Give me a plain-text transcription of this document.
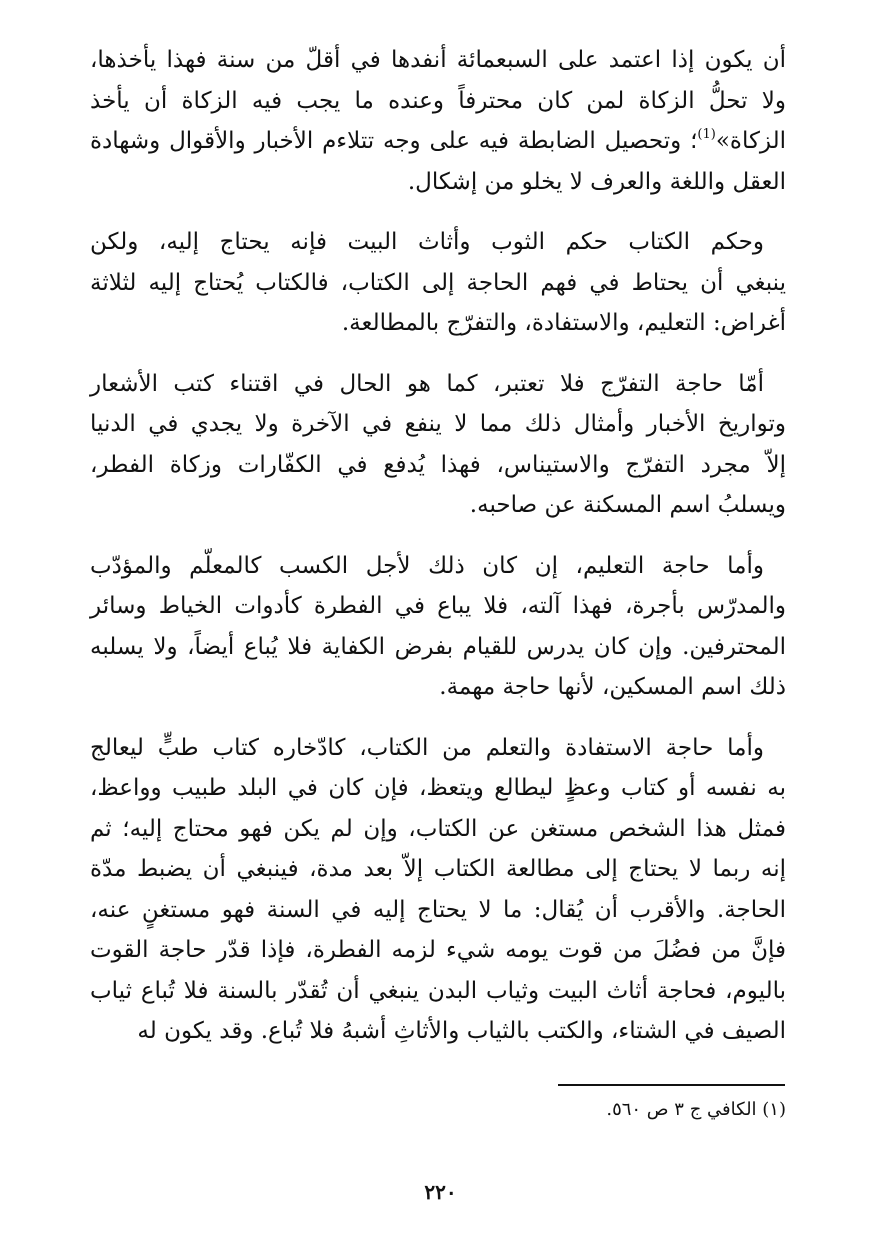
أن يكون إذا اعتمد على السبعمائة أنفدها في أقلّ من سنة فهذا يأخذها،
ولا تحلُّ الزكاة لمن كان محترفاً وعنده ما يجب فيه الزكاة أن يأخذ
الزكاة»$^{(1)}$؛ وتحصيل الضابطة فيه على وجه تتلاءم الأخبار والأقوال وشهادة
العقل واللغة والعرف لا يخلو من إشكال.
وحكم الكتاب حكم الثوب وأثاث البيت فإنه يحتاج إليه، ولكن
ينبغي أن يحتاط في فهم الحاجة إلى الكتاب، فالكتاب يُحتاج إليه لثلاثة
أغراض: التعليم، والاستفادة، والتفرّج بالمطالعة.
أمّا حاجة التفرّج فلا تعتبر، كما هو الحال في اقتناء كتب الأشعار
وتواريخ الأخبار وأمثال ذلك مما لا ينفع في الآخرة ولا يجدي في الدنيا
إلاّ مجرد التفرّج والاستيناس، فهذا يُدفع في الكفّارات وزكاة الفطر،
ويسلبُ اسم المسكنة عن صاحبه.
وأما حاجة التعليم، إن كان ذلك لأجل الكسب كالمعلّم والمؤدّب
والمدرّس بأجرة، فهذا آلته، فلا يباع في الفطرة كأدوات الخياط وسائر
المحترفين. وإن كان يدرس للقيام بفرض الكفاية فلا يُباع أيضاً، ولا يسلبه
ذلك اسم المسكين، لأنها حاجة مهمة.
وأما حاجة الاستفادة والتعلم من الكتاب، كادّخاره كتاب طبٍّ ليعالج
به نفسه أو كتاب وعظٍ ليطالع ويتعظ، فإن كان في البلد طبيب وواعظ،
فمثل هذا الشخص مستغن عن الكتاب، وإن لم يكن فهو محتاج إليه؛ ثم
إنه ربما لا يحتاج إلى مطالعة الكتاب إلاّ بعد مدة، فينبغي أن يضبط مدّة
الحاجة. والأقرب أن يُقال: ما لا يحتاج إليه في السنة فهو مستغنٍ عنه،
فإنَّ من فضُلَ من قوت يومه شيء لزمه الفطرة، فإذا قدّر حاجة القوت
باليوم، فحاجة أثاث البيت وثياب البدن ينبغي أن تُقدّر بالسنة فلا تُباع ثياب
الصيف في الشتاء، والكتب بالثياب والأثاثِ أشبهُ فلا تُباع. وقد يكون له
(١) الكافي ج ٣ ص ٥٦٠.
٢٢٠
